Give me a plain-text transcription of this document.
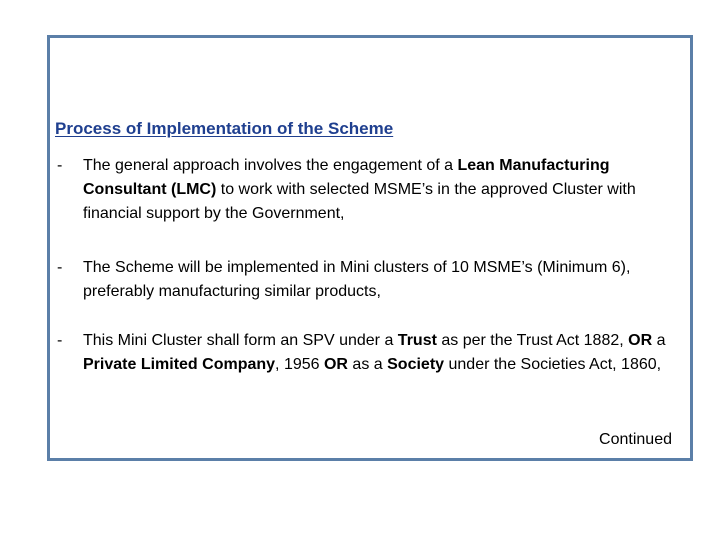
Process of Implementation of the Scheme
-	The general approach involves the engagement of a Lean Manufacturing Consultant (LMC) to work with selected MSME’s in the approved Cluster with financial support by the Government,
-	The Scheme will be implemented in Mini clusters of 10 MSME’s (Minimum 6), preferably manufacturing similar products,
-	This Mini Cluster shall form an SPV under a Trust as per the Trust Act 1882, OR a Private Limited Company, 1956 OR as a Society under the Societies Act, 1860,
Continued
